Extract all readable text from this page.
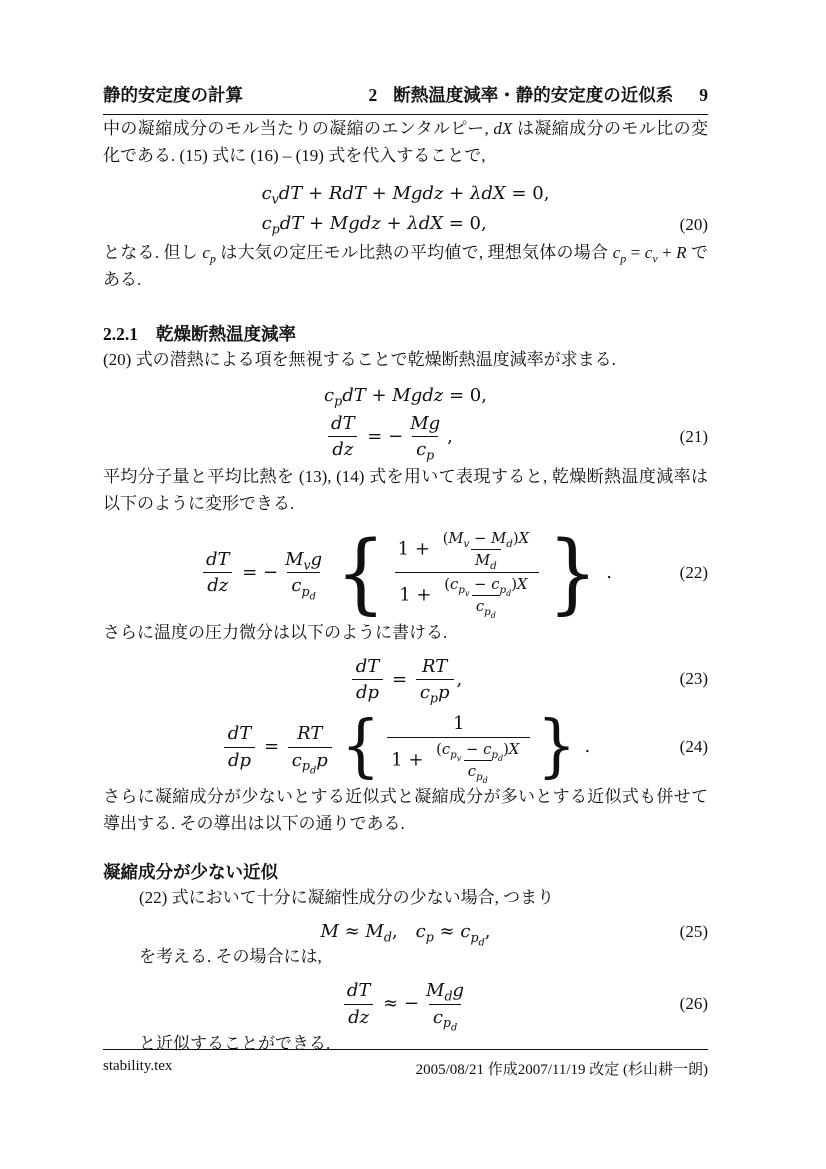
静的安定度の計算	2 断熱温度減率・静的安定度の近似系 9

中の凝縮成分のモル当たりの凝縮のエンタルピー, dX は凝縮成分のモル比の変化である. (15) 式に (16) – (19) 式を代入することで,

$c_vdT$ + RdT + Mgdz + λdX = 0,
$c_pdT$ + Mgdz + λdX = 0,	(20)

となる. 但し $c_p$ は大気の定圧モル比熱の平均値で, 理想気体の場合 $c_p = c_v + R$ である.

2.2.1 乾燥断熱温度減率

(20) 式の潜熱による項を無視することで乾燥断熱温度減率が求まる.

$c_pdT$ + Mgdz = 0,
$\frac{dT}{dz}$ = − $\frac{Mg}{c_p}$ ,	(21)

平均分子量と平均比熱を (13), (14) 式を用いて表現すると, 乾燥断熱温度減率は以下のように変形できる.

$\frac{dT}{dz}$ = −
$M_vg$
$c_{p_d}$ { $1 + \frac{(M_v - M_d)X}{M_d}$
1 +
$(c_{p_v} - c_{p_d})X$
$c_{p_d}$ } .	(22)

さらに温度の圧力微分は以下のように書ける.

$\frac{dT}{dp}$ =
RT
$c_pp$
,	(23)
$\frac{dT}{dp}$ =
RT
$c_{p_d}p$ {	1
1 +
$(c_{p_v} - c_{p_d})X$
$c_{p_d}$ } .	(24)

さらに凝縮成分が少ないとする近似式と凝縮成分が多いとする近似式も併せて導出する. その導出は以下の通りである.

凝縮成分が少ない近似

(22) 式において十分に凝縮性成分の少ない場合, つまり

$M \approx M_d$,  $c_p \approx c_{p_d}$,	(25)

を考える. その場合には,

$\frac{dT}{dz}$ ≈ −
$M_dg$
$c_{p_d}$
(26)

と近似することができる.

stability.tex	2005/08/21 作成2007/11/19 改定 (杉山耕一朗)
